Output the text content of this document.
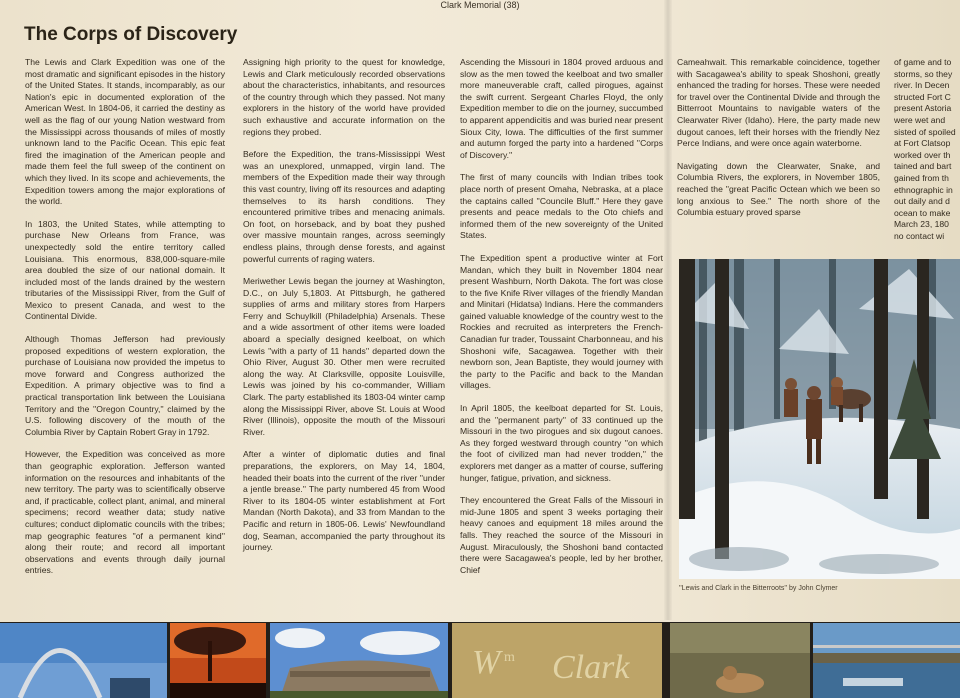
Clark Memorial (38)
The Corps of Discovery

The Lewis and Clark Expedition was one of the most dramatic and significant episodes in the history of the United States. It stands, incomparably, as our Nation's epic in documented exploration of the American West. In 1804-06, it carried the destiny as well as the flag of our young Nation westward from the Mississippi across thousands of miles of mostly unknown land to the Pacific Ocean. This epic feat fired the imagination of the American people and made them feel the full sweep of the continent on which they lived. In its scope and achievements, the Expedition towers among the major explorations of the world.

In 1803, the United States, while attempting to purchase New Orleans from France, was unexpectedly sold the entire territory called Louisiana. This enormous, 838,000-square-mile area doubled the size of our national domain. It included most of the lands drained by the western tributaries of the Mississippi River, from the Gulf of Mexico to present Canada, and west to the Continental Divide.

Although Thomas Jefferson had previously proposed expeditions of western exploration, the purchase of Louisiana now provided the impetus to move forward and Congress authorized the Expedition. A primary objective was to find a practical transportation link between the Louisiana Territory and the ''Oregon Country,'' claimed by the U.S. following discovery of the mouth of the Columbia River by Captain Robert Gray in 1792.

However, the Expedition was conceived as more than geographic exploration. Jefferson wanted information on the resources and inhabitants of the new territory. The party was to scientifically observe and, if practicable, collect plant, animal, and mineral specimens; record weather data; study native cultures; conduct diplomatic councils with the tribes; map geographic features ''of a permanent kind'' along their route; and record all important observations and events through daily journal entries.

Assigning high priority to the quest for knowledge, Lewis and Clark meticulously recorded observations about the characteristics, inhabitants, and resources of the country through which they passed. Not many explorers in the history of the world have provided such exhaustive and accurate information on the regions they probed.

Before the Expedition, the trans-Mississippi West was an unexplored, unmapped, virgin land. The members of the Expedition made their way through this vast country, living off its resources and adapting themselves to its harsh conditions. They encountered primitive tribes and menacing animals. On foot, on horseback, and by boat they pushed over massive mountain ranges, across seemingly endless plains, through dense forests, and against powerful currents of raging waters.

Meriwether Lewis began the journey at Washington, D.C., on July 5,1803. At Pittsburgh, he gathered supplies of arms and military stores from Harpers Ferry and Schuylkill (Philadelphia) Arsenals. These and a wide assortment of other items were loaded aboard a specially designed keelboat, on which Lewis ''with a party of 11 hands'' departed down the Ohio River, August 30. Other men were recruited along the way. At Clarksville, opposite Louisville, Lewis was joined by his co-commander, William Clark. The party established its 1803-04 winter camp along the Mississippi River, above St. Louis at Wood River (Illinois), opposite the mouth of the Missouri River.

After a winter of diplomatic duties and final preparations, the explorers, on May 14, 1804, headed their boats into the current of the river ''under a jentle brease.'' The party numbered 45 from Wood River to its 1804-05 winter establishment at Fort Mandan (North Dakota), and 33 from Mandan to the Pacific and return in 1805-06. Lewis' Newfoundland dog, Seaman, accompanied the party throughout its journey.

Ascending the Missouri in 1804 proved arduous and slow as the men towed the keelboat and two smaller more maneuverable craft, called pirogues, against the swift current. Sergeant Charles Floyd, the only Expedition member to die on the journey, succumbed to apparent appendicitis and was buried near present Sioux City, Iowa. The difficulties of the first summer and autumn forged the party into a hardened ''Corps of Discovery.''

The first of many councils with Indian tribes took place north of present Omaha, Nebraska, at a place the captains called ''Councile Bluff.'' Here they gave presents and peace medals to the Oto chiefs and informed them of the new sovereignty of the United States.

The Expedition spent a productive winter at Fort Mandan, which they built in November 1804 near present Washburn, North Dakota. The fort was close to the five Knife River villages of the friendly Mandan and Minitari (Hidatsa) Indians. Here the commanders gained valuable knowledge of the country west to the Rockies and recruited as interpreters the French-Canadian fur trader, Toussaint Charbonneau, and his Shoshoni wife, Sacagawea. Together with their newborn son, Jean Baptiste, they would journey with the party to the Pacific and back to the Mandan villages.

In April 1805, the keelboat departed for St. Louis, and the ''permanent party'' of 33 continued up the Missouri in the two pirogues and six dugout canoes. As they forged westward through country ''on which the foot of civilized man had never trodden,'' the explorers met danger as a matter of course, suffering hunger, fatigue, privation, and sickness.

They encountered the Great Falls of the Missouri in mid-June 1805 and spent 3 weeks portaging their heavy canoes and equipment 18 miles around the falls. They reached the source of the Missouri in August. Miraculously, the Shoshoni band contacted there were Sacagawea's people, led by her brother, Chief

Cameahwait. This remarkable coincidence, together with Sacagawea's ability to speak Shoshoni, greatly enhanced the trading for horses. These were needed for travel over the Continental Divide and through the Bitterroot Mountains to navigable waters of the Clearwater River (Idaho). Here, the party made new dugout canoes, left their horses with the friendly Nez Perce Indians, and were once again waterborne.

Navigating down the Clearwater, Snake, and Columbia Rivers, the explorers, in November 1805, reached the ''great Pacific Octean which we been so long anxious to See.'' The north shore of the Columbia estuary proved sparse

of game and to
storms, so they
river. In Decen
structed Fort C
present Astoria
were wet and
sisted of spoiled
at Fort Clatsop
worked over th
tained and bart
gained from th
ethnographic in
out daily and d
ocean to make
March 23, 180
no contact wi
''Lewis and Clark in the Bitterroots'' by John Clymer
W m Clark
